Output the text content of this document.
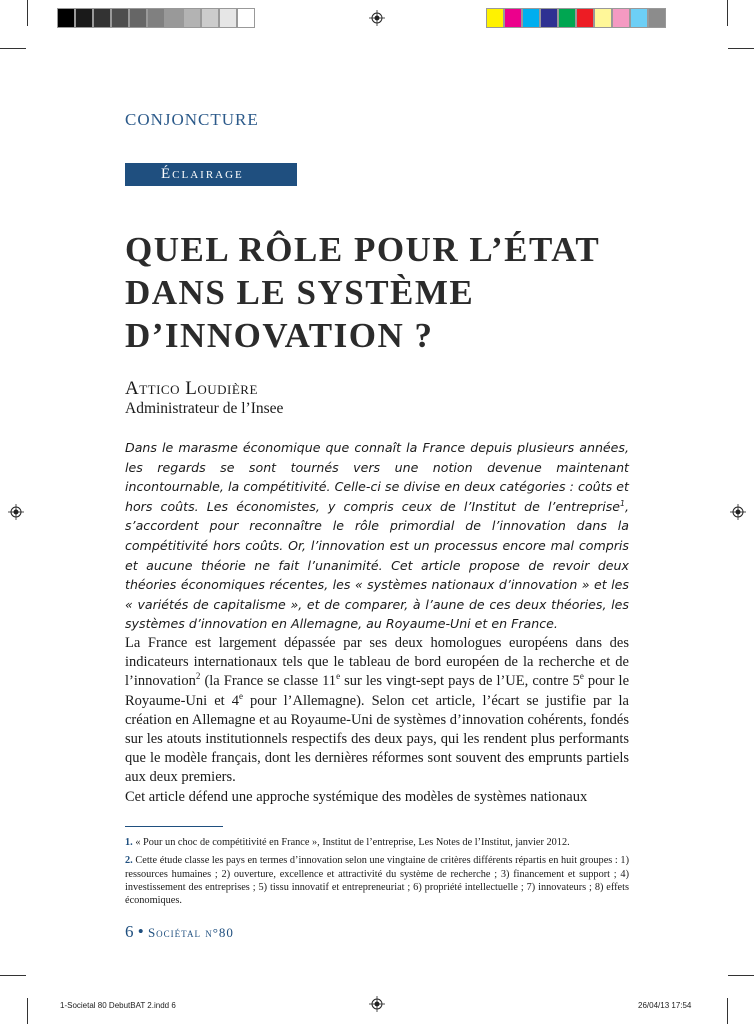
CONJONCTURE
Éclairage
QUEL RÔLE POUR L’ÉTAT
DANS LE SYSTÈME
D’INNOVATION ?
Attico Loudière
Administrateur de l’Insee
Dans le marasme économique que connaît la France depuis plusieurs années, les regards se sont tournés vers une notion devenue maintenant incontournable, la compétitivité. Celle-ci se divise en deux catégories : coûts et hors coûts. Les économistes, y compris ceux de l’Institut de l’entreprise$^1$, s’accordent pour reconnaître le rôle primordial de l’innovation dans la compétitivité hors coûts. Or, l’innovation est un processus encore mal compris et aucune théorie ne fait l’unanimité. Cet article propose de revoir deux théories économiques récentes, les « systèmes nationaux d’innovation » et les « variétés de capitalisme », et de comparer, à l’aune de ces deux théories, les systèmes d’innovation en Allemagne, au Royaume-Uni et en France.

La France est largement dépassée par ses deux homologues européens dans des indicateurs internationaux tels que le tableau de bord européen de la recherche et de l’innovation$^2$ (la France se classe 11e sur les vingt-sept pays de l’UE, contre 5e pour le Royaume-Uni et 4e pour l’Allemagne). Selon cet article, l’écart se justifie par la création en Allemagne et au Royaume-Uni de systèmes d’innovation cohérents, fondés sur les atouts institutionnels respectifs des deux pays, qui les rendent plus performants que le modèle français, dont les dernières réformes sont souvent des emprunts partiels aux deux premiers.

Cet article défend une approche systémique des modèles de systèmes nationaux

1. « Pour un choc de compétitivité en France », Institut de l’entreprise, Les Notes de l’Institut, janvier 2012.

2. Cette étude classe les pays en termes d’innovation selon une vingtaine de critères différents répartis en huit groupes : 1) ressources humaines ; 2) ouverture, excellence et attractivité du système de recherche ; 3) financement et support ; 4) investissement des entreprises ; 5) tissu innovatif et entrepreneuriat ; 6) propriété intellectuelle ; 7) innovateurs ; 8) effets économiques.

6 • Sociétal n°80
1-Societal 80 DebutBAT 2.indd 6	26/04/13 17:54
